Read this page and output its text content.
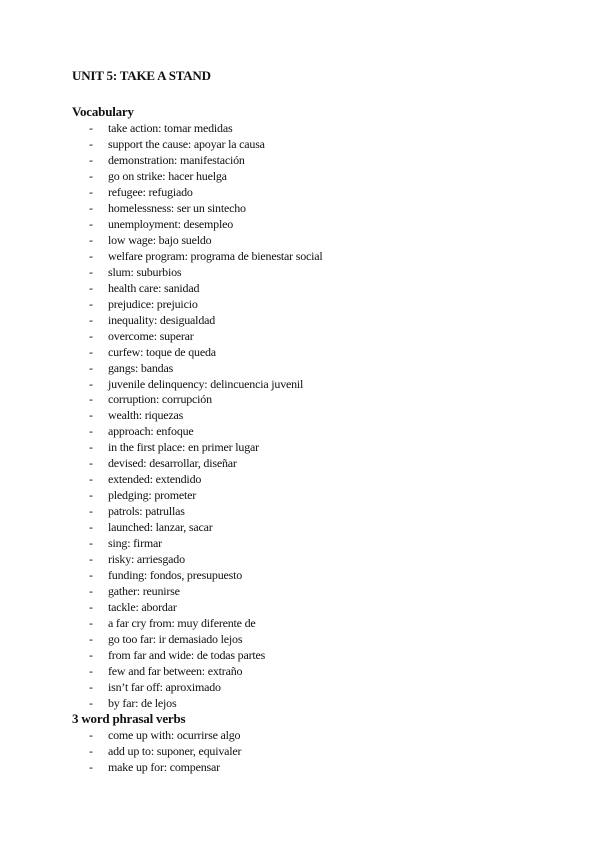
UNIT 5: TAKE A STAND
Vocabulary
- take action: tomar medidas
- support the cause: apoyar la causa
- demonstration: manifestación
- go on strike: hacer huelga
- refugee: refugiado
- homelessness: ser un sintecho
- unemployment: desempleo
- low wage: bajo sueldo
- welfare program: programa de bienestar social
- slum: suburbios
- health care: sanidad
- prejudice: prejuicio
- inequality: desigualdad
- overcome: superar
- curfew: toque de queda
- gangs: bandas
- juvenile delinquency: delincuencia juvenil
- corruption: corrupción
- wealth: riquezas
- approach: enfoque
- in the first place: en primer lugar
- devised: desarrollar, diseñar
- extended: extendido
- pledging: prometer
- patrols: patrullas
- launched: lanzar, sacar
- sing: firmar
- risky: arriesgado
- funding: fondos, presupuesto
- gather: reunirse
- tackle: abordar
- a far cry from: muy diferente de
- go too far: ir demasiado lejos
- from far and wide: de todas partes
- few and far between: extraño
- isn’t far off: aproximado
- by far: de lejos
3 word phrasal verbs
- come up with: ocurrirse algo
- add up to: suponer, equivaler
- make up for: compensar
